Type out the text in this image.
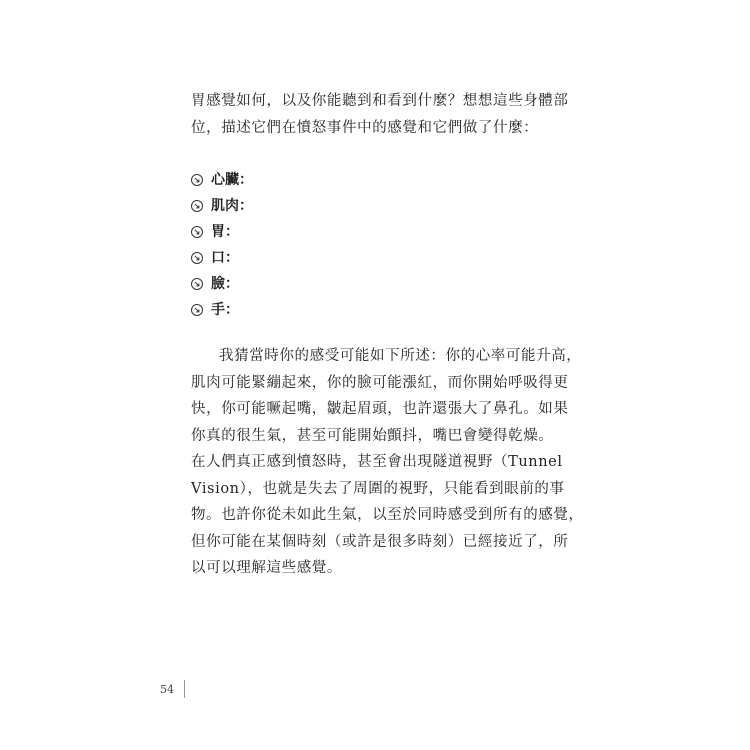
胃感覺如何，以及你能聽到和看到什麼？想想這些身體部
位，描述它們在憤怒事件中的感覺和它們做了什麼：
心臟：
肌肉：
胃：
口：
臉：
手：
我猜當時你的感受可能如下所述：你的心率可能升高，
肌肉可能緊繃起來，你的臉可能漲紅，而你開始呼吸得更
快，你可能噘起嘴，皺起眉頭，也許還張大了鼻孔。如果
你真的很生氣，甚至可能開始顫抖，嘴巴會變得乾燥。
在人們真正感到憤怒時，甚至會出現隧道視野（Tunnel
Vision），也就是失去了周圍的視野，只能看到眼前的事
物。也許你從未如此生氣，以至於同時感受到所有的感覺，
但你可能在某個時刻（或許是很多時刻）已經接近了，所
以可以理解這些感覺。
54
